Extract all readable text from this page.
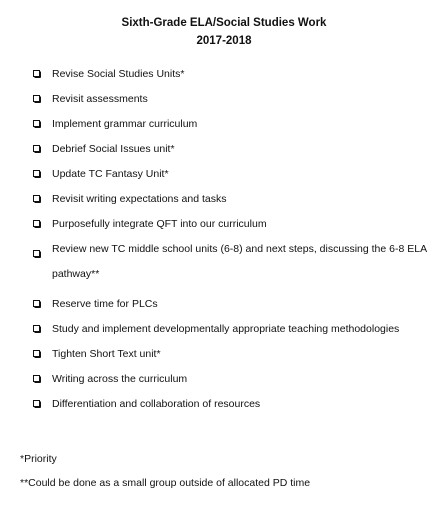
Sixth-Grade ELA/Social Studies Work
2017-2018
Revise Social Studies Units*
Revisit assessments
Implement grammar curriculum
Debrief Social Issues unit*
Update TC Fantasy Unit*
Revisit writing expectations and tasks
Purposefully integrate QFT into our curriculum
Review new TC middle school units (6-8) and next steps, discussing the 6-8 ELA pathway**
Reserve time for PLCs
Study and implement developmentally appropriate teaching methodologies
Tighten Short Text unit*
Writing across the curriculum
Differentiation and collaboration of resources
*Priority
**Could be done as a small group outside of allocated PD time
